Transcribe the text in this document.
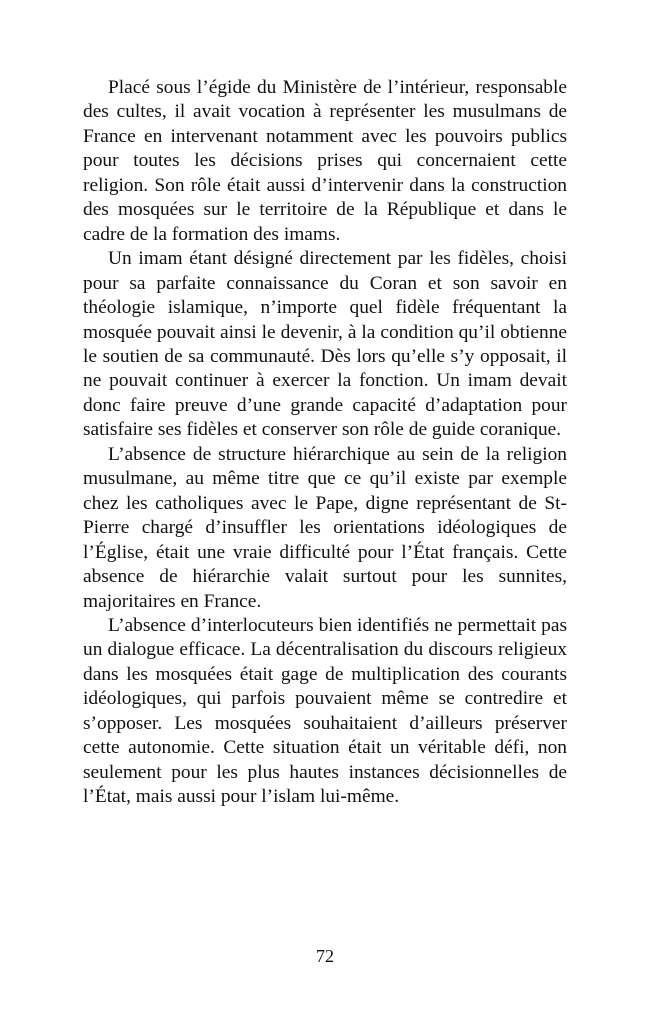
Placé sous l’égide du Ministère de l’intérieur, responsable des cultes, il avait vocation à représenter les musulmans de France en intervenant notamment avec les pouvoirs publics pour toutes les décisions prises qui concernaient cette religion. Son rôle était aussi d’intervenir dans la construction des mosquées sur le territoire de la République et dans le cadre de la formation des imams.

Un imam étant désigné directement par les fidèles, choisi pour sa parfaite connaissance du Coran et son savoir en théologie islamique, n’importe quel fidèle fréquentant la mosquée pouvait ainsi le devenir, à la condition qu’il obtienne le soutien de sa communauté. Dès lors qu’elle s’y opposait, il ne pouvait continuer à exercer la fonction. Un imam devait donc faire preuve d’une grande capacité d’adaptation pour satisfaire ses fidèles et conserver son rôle de guide coranique.

L’absence de structure hiérarchique au sein de la religion musulmane, au même titre que ce qu’il existe par exemple chez les catholiques avec le Pape, digne représentant de St-Pierre chargé d’insuffler les orientations idéologiques de l’Église, était une vraie difficulté pour l’État français. Cette absence de hiérarchie valait surtout pour les sunnites, majoritaires en France.

L’absence d’interlocuteurs bien identifiés ne permettait pas un dialogue efficace. La décentralisation du discours religieux dans les mosquées était gage de multiplication des courants idéologiques, qui parfois pouvaient même se contredire et s’opposer. Les mosquées souhaitaient d’ailleurs préserver cette autonomie. Cette situation était un véritable défi, non seulement pour les plus hautes instances décisionnelles de l’État, mais aussi pour l’islam lui-même.

72
